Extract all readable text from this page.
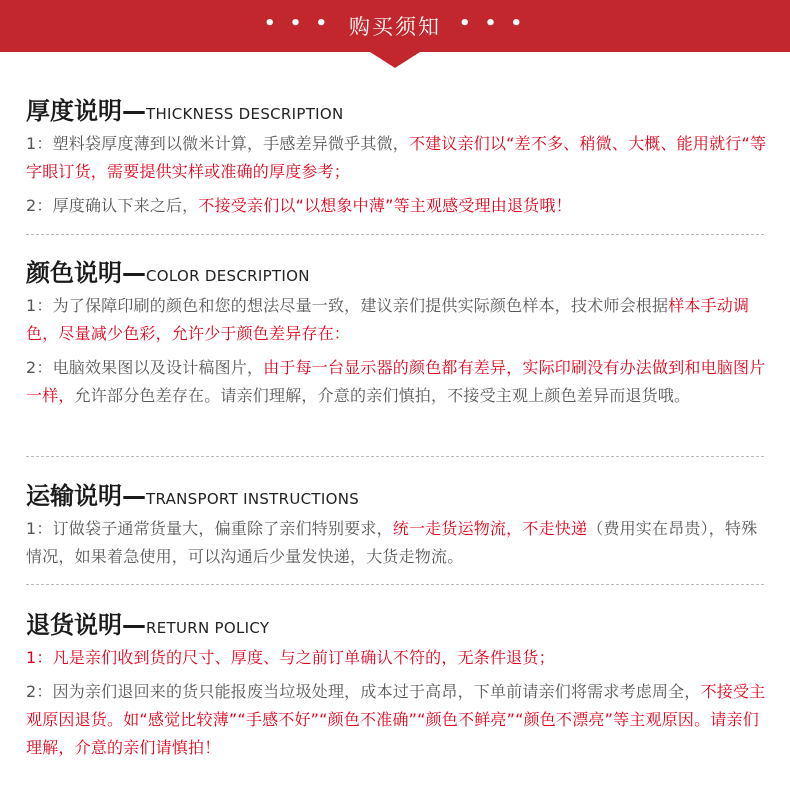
• • • 购买须知 • • •
厚度说明—THICKNESS DESCRIPTION
1：塑料袋厚度薄到以微米计算，手感差异微乎其微，不建议亲们以“差不多、稍微、大概、能用就行“等字眼订货，需要提供实样或准确的厚度参考；
2：厚度确认下来之后，不接受亲们以“以想象中薄”等主观感受理由退货哦！
颜色说明—COLOR DESCRIPTION
1：为了保障印刷的颜色和您的想法尽量一致，建议亲们提供实际颜色样本，技术师会根据样本手动调色，尽量减少色彩，允许少于颜色差异存在：
2：电脑效果图以及设计稿图片，由于每一台显示器的颜色都有差异，实际印刷没有办法做到和电脑图片一样，允许部分色差存在。请亲们理解，介意的亲们慎拍，不接受主观上颜色差异而退货哦。
运输说明—TRANSPORT INSTRUCTIONS
1：订做袋子通常货量大，偏重除了亲们特别要求，统一走货运物流，不走快递（费用实在昂贵），特殊情况，如果着急使用，可以沟通后少量发快递，大货走物流。
退货说明—RETURN POLICY
1：凡是亲们收到货的尺寸、厚度、与之前订单确认不符的，无条件退货；
2：因为亲们退回来的货只能报废当垃圾处理，成本过于高昂，下单前请亲们将需求考虑周全，不接受主观原因退货。如“感觉比较薄”“手感不好”“颜色不准确”“颜色不鲜亮”“颜色不漂亮”等主观原因。请亲们理解，介意的亲们请慎拍！
